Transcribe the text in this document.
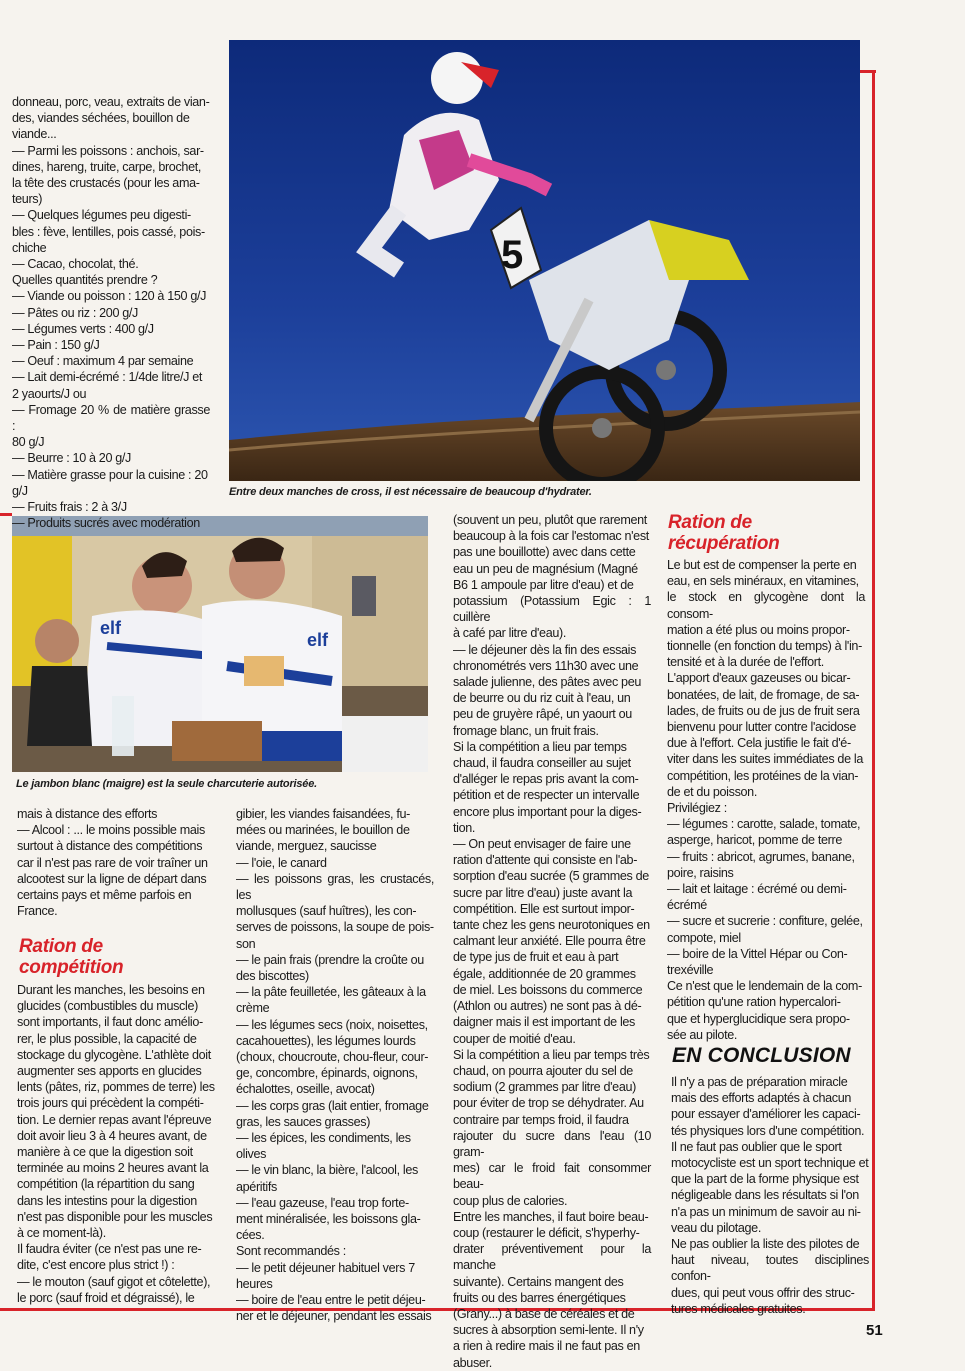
5
Entre deux manches de cross, il est nécessaire de beaucoup d'hydrater.
elf
elf
Le jambon blanc (maigre) est la seule charcuterie autorisée.
donneau, porc, veau, extraits de vian-
des, viandes séchées, bouillon de
viande...
— Parmi les poissons : anchois, sar-
dines, hareng, truite, carpe, brochet,
la tête des crustacés (pour les ama-
teurs)
— Quelques légumes peu digesti-
bles : fève, lentilles, pois cassé, pois-
chiche
— Cacao, chocolat, thé.
Quelles quantités prendre ?
— Viande ou poisson : 120 à 150 g/J
— Pâtes ou riz : 200 g/J
— Légumes verts : 400 g/J
— Pain : 150 g/J
— Oeuf : maximum 4 par semaine
— Lait demi-écrémé : 1/4de litre/J et
2 yaourts/J ou
— Fromage 20 % de matière grasse :
80 g/J
— Beurre : 10 à 20 g/J
— Matière grasse pour la cuisine : 20
g/J
— Fruits frais : 2 à 3/J
— Produits sucrés avec modération
mais à distance des efforts
— Alcool : ... le moins possible mais
surtout à distance des compétitions
car il n'est pas rare de voir traîner un
alcootest sur la ligne de départ dans
certains pays et même parfois en
France.
Ration de
compétition
Durant les manches, les besoins en
glucides (combustibles du muscle)
sont importants, il faut donc amélio-
rer, le plus possible, la capacité de
stockage du glycogène. L'athlète doit
augmenter ses apports en glucides
lents (pâtes, riz, pommes de terre) les
trois jours qui précèdent la compéti-
tion. Le dernier repas avant l'épreuve
doit avoir lieu 3 à 4 heures avant, de
manière à ce que la digestion soit
terminée au moins 2 heures avant la
compétition (la répartition du sang
dans les intestins pour la digestion
n'est pas disponible pour les muscles
à ce moment-là).
Il faudra éviter (ce n'est pas une re-
dite, c'est encore plus strict !) :
— le mouton (sauf gigot et côtelette),
le porc (sauf froid et dégraissé), le
gibier, les viandes faisandées, fu-
mées ou marinées, le bouillon de
viande, merguez, saucisse
— l'oie, le canard
— les poissons gras, les crustacés, les
mollusques (sauf huîtres), les con-
serves de poissons, la soupe de pois-
son
— le pain frais (prendre la croûte ou
des biscottes)
— la pâte feuilletée, les gâteaux à la
crème
— les légumes secs (noix, noisettes,
cacahouettes), les légumes lourds
(choux, choucroute, chou-fleur, cour-
ge, concombre, épinards, oignons,
échalottes, oseille, avocat)
— les corps gras (lait entier, fromage
gras, les sauces grasses)
— les épices, les condiments, les
olives
— le vin blanc, la bière, l'alcool, les
apéritifs
— l'eau gazeuse, l'eau trop forte-
ment minéralisée, les boissons gla-
cées.
Sont recommandés :
— le petit déjeuner habituel vers 7
heures
— boire de l'eau entre le petit déjeu-
ner et le déjeuner, pendant les essais
(souvent un peu, plutôt que rarement
beaucoup à la fois car l'estomac n'est
pas une bouillotte) avec dans cette
eau un peu de magnésium (Magné
B6 1 ampoule par litre d'eau) et de
potassium (Potassium Egic : 1 cuillère
à café par litre d'eau).
— le déjeuner dès la fin des essais
chronométrés vers 11h30 avec une
salade julienne, des pâtes avec peu
de beurre ou du riz cuit à l'eau, un
peu de gruyère râpé, un yaourt ou
fromage blanc, un fruit frais.
Si la compétition a lieu par temps
chaud, il faudra conseiller au sujet
d'alléger le repas pris avant la com-
pétition et de respecter un intervalle
encore plus important pour la diges-
tion.
— On peut envisager de faire une
ration d'attente qui consiste en l'ab-
sorption d'eau sucrée (5 grammes de
sucre par litre d'eau) juste avant la
compétition. Elle est surtout impor-
tante chez les gens neurotoniques en
calmant leur anxiété. Elle pourra être
de type jus de fruit et eau à part
égale, additionnée de 20 grammes
de miel. Les boissons du commerce
(Athlon ou autres) ne sont pas à dé-
daigner mais il est important de les
couper de moitié d'eau.
Si la compétition a lieu par temps très
chaud, on pourra ajouter du sel de
sodium (2 grammes par litre d'eau)
pour éviter de trop se déhydrater. Au
contraire par temps froid, il faudra
rajouter du sucre dans l'eau (10 gram-
mes) car le froid fait consommer beau-
coup plus de calories.
Entre les manches, il faut boire beau-
coup (restaurer le déficit, s'hyperhy-
drater préventivement pour la manche
suivante). Certains mangent des
fruits ou des barres énergétiques
(Grany...) à base de céréales et de
sucres à absorption semi-lente. Il n'y
a rien à redire mais il ne faut pas en
abuser.
Ration de
récupération
Le but est de compenser la perte en
eau, en sels minéraux, en vitamines,
le stock en glycogène dont la consom-
mation a été plus ou moins propor-
tionnelle (en fonction du temps) à l'in-
tensité et à la durée de l'effort.
L'apport d'eaux gazeuses ou bicar-
bonatées, de lait, de fromage, de sa-
lades, de fruits ou de jus de fruit sera
bienvenu pour lutter contre l'acidose
due à l'effort. Cela justifie le fait d'é-
viter dans les suites immédiates de la
compétition, les protéines de la vian-
de et du poisson.
Privilégiez :
— légumes : carotte, salade, tomate,
asperge, haricot, pomme de terre
— fruits : abricot, agrumes, banane,
poire, raisins
— lait et laitage : écrémé ou demi-
écrémé
— sucre et sucrerie : confiture, gelée,
compote, miel
— boire de la Vittel Hépar ou Con-
trexéville
Ce n'est que le lendemain de la com-
pétition qu'une ration hypercalori-
que et hyperglucidique sera propo-
sée au pilote.
EN CONCLUSION
Il n'y a pas de préparation miracle
mais des efforts adaptés à chacun
pour essayer d'améliorer les capaci-
tés physiques lors d'une compétition.
Il ne faut pas oublier que le sport
motocycliste est un sport technique et
que la part de la forme physique est
négligeable dans les résultats si l'on
n'a pas un minimum de savoir au ni-
veau du pilotage.
Ne pas oublier la liste des pilotes de
haut niveau, toutes disciplines confon-
dues, qui peut vous offrir des struc-
tures médicales gratuites.
51
